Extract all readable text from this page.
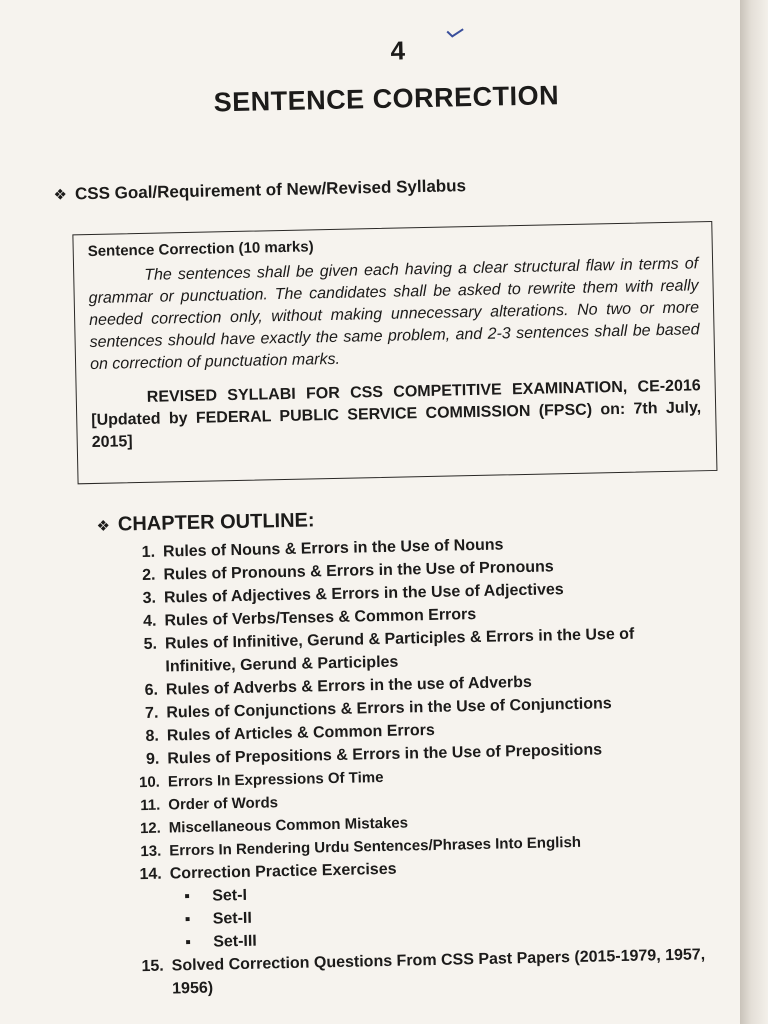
4
SENTENCE CORRECTION
❖ CSS Goal/Requirement of New/Revised Syllabus

Sentence Correction (10 marks)

The sentences shall be given each having a clear structural flaw in terms of grammar or punctuation. The candidates shall be asked to rewrite them with really needed correction only, without making unnecessary alterations. No two or more sentences should have exactly the same problem, and 2-3 sentences shall be based on correction of punctuation marks.

REVISED SYLLABI FOR CSS COMPETITIVE EXAMINATION, CE-2016 [Updated by FEDERAL PUBLIC SERVICE COMMISSION (FPSC) on: 7th July, 2015]

❖ CHAPTER OUTLINE:
1. Rules of Nouns & Errors in the Use of Nouns
2. Rules of Pronouns & Errors in the Use of Pronouns
3. Rules of Adjectives & Errors in the Use of Adjectives
4. Rules of Verbs/Tenses & Common Errors
5. Rules of Infinitive, Gerund & Participles & Errors in the Use of Infinitive, Gerund & Participles
6. Rules of Adverbs & Errors in the use of Adverbs
7. Rules of Conjunctions & Errors in the Use of Conjunctions
8. Rules of Articles & Common Errors
9. Rules of Prepositions & Errors in the Use of Prepositions
10. Errors In Expressions Of Time
11. Order of Words
12. Miscellaneous Common Mistakes
13. Errors In Rendering Urdu Sentences/Phrases Into English
14. Correction Practice Exercises
▪	Set-I
▪	Set-II
▪	Set-III
15. Solved Correction Questions From CSS Past Papers (2015-1979, 1957, 1956)
